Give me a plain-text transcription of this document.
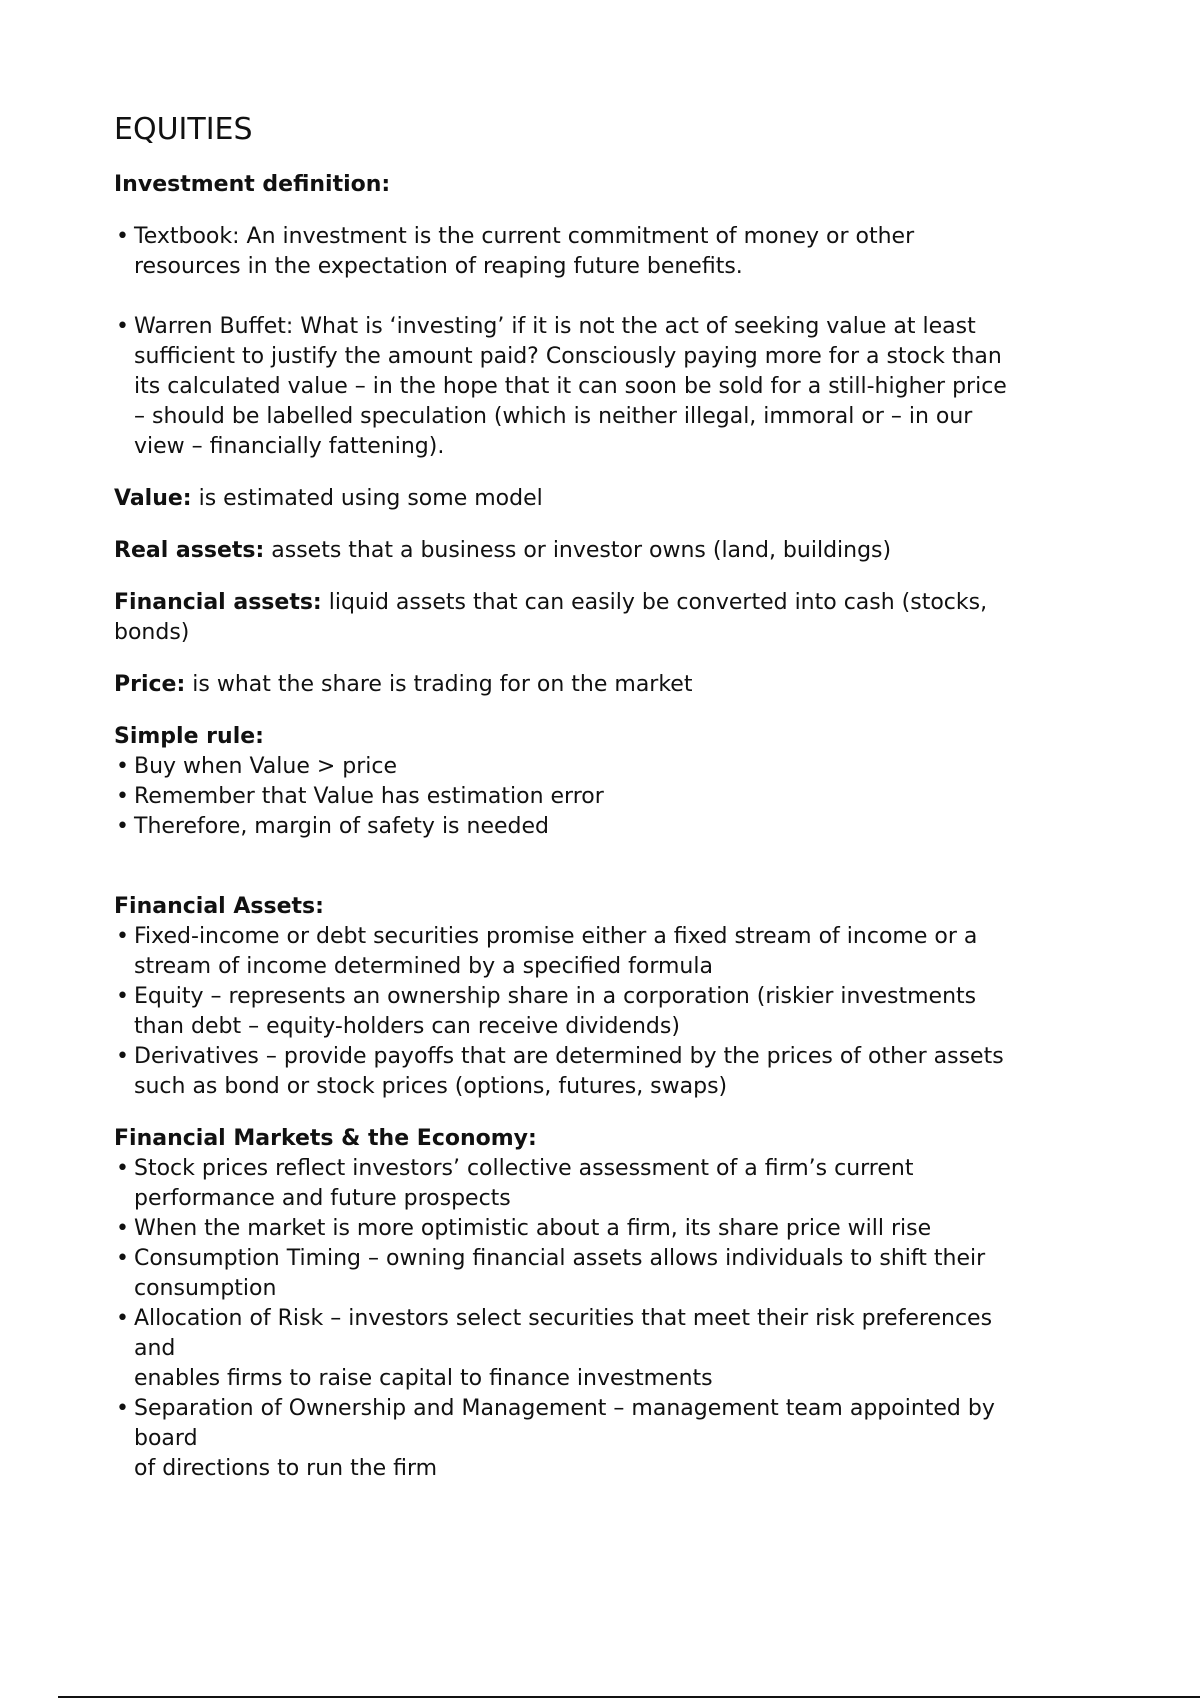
EQUITIES

Investment definition:

• Textbook: An investment is the current commitment of money or other
resources in the expectation of reaping future benefits.
• Warren Buffet: What is ‘investing’ if it is not the act of seeking value at least
sufficient to justify the amount paid? Consciously paying more for a stock than
its calculated value – in the hope that it can soon be sold for a still-higher price
– should be labelled speculation (which is neither illegal, immoral or – in our
view – financially fattening).

Value: is estimated using some model

Real assets: assets that a business or investor owns (land, buildings)

Financial assets: liquid assets that can easily be converted into cash (stocks,
bonds)

Price: is what the share is trading for on the market

Simple rule:

• Buy when Value > price
• Remember that Value has estimation error
• Therefore, margin of safety is needed

Financial Assets:

• Fixed-income or debt securities promise either a fixed stream of income or a
stream of income determined by a specified formula
• Equity – represents an ownership share in a corporation (riskier investments
than debt – equity-holders can receive dividends)
• Derivatives – provide payoffs that are determined by the prices of other assets
such as bond or stock prices (options, futures, swaps)

Financial Markets & the Economy:

• Stock prices reflect investors’ collective assessment of a firm’s current
performance and future prospects
• When the market is more optimistic about a firm, its share price will rise
• Consumption Timing – owning financial assets allows individuals to shift their
consumption
• Allocation of Risk – investors select securities that meet their risk preferences
and
enables firms to raise capital to finance investments
• Separation of Ownership and Management – management team appointed by
board
of directions to run the firm
